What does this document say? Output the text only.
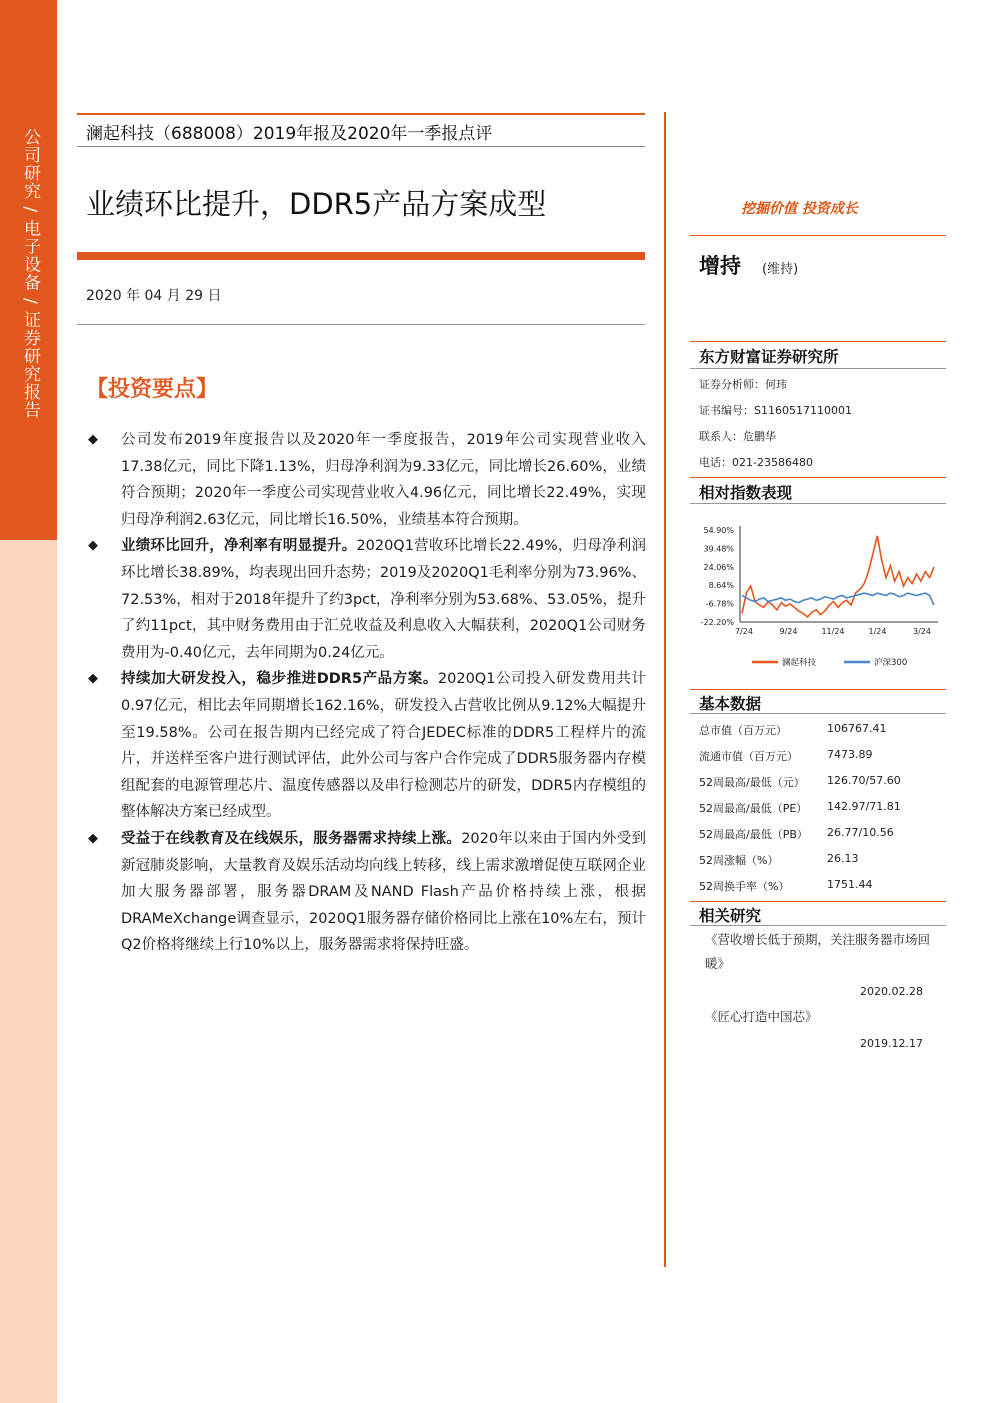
公司研究 / 电子设备 / 证券研究报告	澜起科技（688008）2019年报及2020年一季报点评
业绩环比提升，DDR5产品方案成型	挖掘价值 投资成长
2020 年 04 月 29 日
【投资要点】
◆ 公司发布2019年度报告以及2020年一季度报告，2019年公司实现营业收入17.38亿元，同比下降1.13%，归母净利润为9.33亿元，同比增长26.60%，业绩符合预期；2020年一季度公司实现营业收入4.96亿元，同比增长22.49%，实现归母净利润2.63亿元，同比增长16.50%，业绩基本符合预期。
◆ 业绩环比回升，净利率有明显提升。2020Q1营收环比增长22.49%，归母净利润环比增长38.89%，均表现出回升态势；2019及2020Q1毛利率分别为73.96%、72.53%，相对于2018年提升了约3pct，净利率分别为53.68%、53.05%，提升了约11pct，其中财务费用由于汇兑收益及利息收入大幅获利，2020Q1公司财务费用为-0.40亿元，去年同期为0.24亿元。
◆ 持续加大研发投入，稳步推进DDR5产品方案。2020Q1公司投入研发费用共计0.97亿元，相比去年同期增长162.16%，研发投入占营收比例从9.12%大幅提升至19.58%。公司在报告期内已经完成了符合JEDEC标准的DDR5工程样片的流片，并送样至客户进行测试评估，此外公司与客户合作完成了DDR5服务器内存模组配套的电源管理芯片、温度传感器以及串行检测芯片的研发，DDR5内存模组的整体解决方案已经成型。
◆ 受益于在线教育及在线娱乐，服务器需求持续上涨。2020年以来由于国内外受到新冠肺炎影响，大量教育及娱乐活动均向线上转移，线上需求激增促使互联网企业加大服务器部署，服务器DRAM及NAND Flash产品价格持续上涨，根据DRAMeXchange调查显示，2020Q1服务器存储价格同比上涨在10%左右，预计Q2价格将继续上行10%以上，服务器需求将保持旺盛。
增持 (维持)
东方财富证券研究所
证券分析师：何玮
证书编号：S1160517110001
联系人：危鹏华
电话：021-23586480
相对指数表现
54.90%
39.48%
24.06%
8.64%
-6.78%
-22.20%
7/24	9/24	11/24	1/24	3/24
澜起科技	沪深300
基本数据
总市值（百万元）	106767.41
流通市值（百万元）	7473.89
52周最高/最低（元） 126.70/57.60
52周最高/最低（PE） 142.97/71.81
52周最高/最低（PB） 26.77/10.56
52周涨幅（%）	26.13
52周换手率（%）	1751.44
相关研究
《营收增长低于预期，关注服务器市场回暖》
2020.02.28
《匠心打造中国芯》
2019.12.17
